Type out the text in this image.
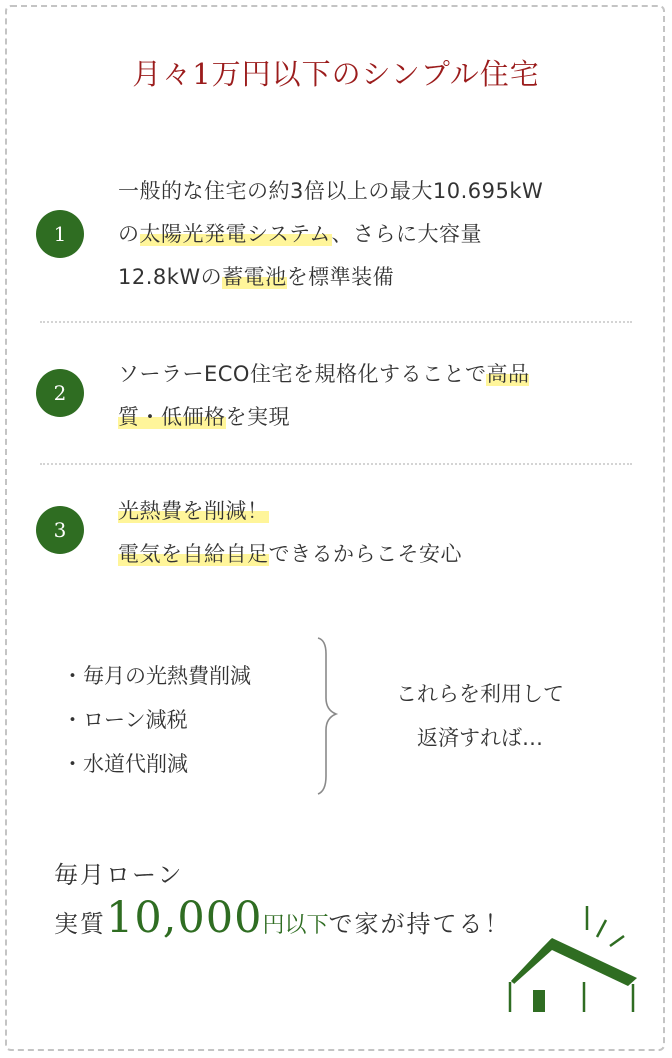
月々1万円以下のシンプル住宅
1
一般的な住宅の約3倍以上の最大10.695kW
の太陽光発電システム、さらに大容量
12.8kWの蓄電池を標準装備
2
ソーラーECO住宅を規格化することで高品
質・低価格を実現
3
光熱費を削減！
電気を自給自足できるからこそ安心
・毎月の光熱費削減
・ローン減税
・水道代削減
これらを利用して
返済すれば…
毎月ローン
実質10,000円以下で家が持てる！
